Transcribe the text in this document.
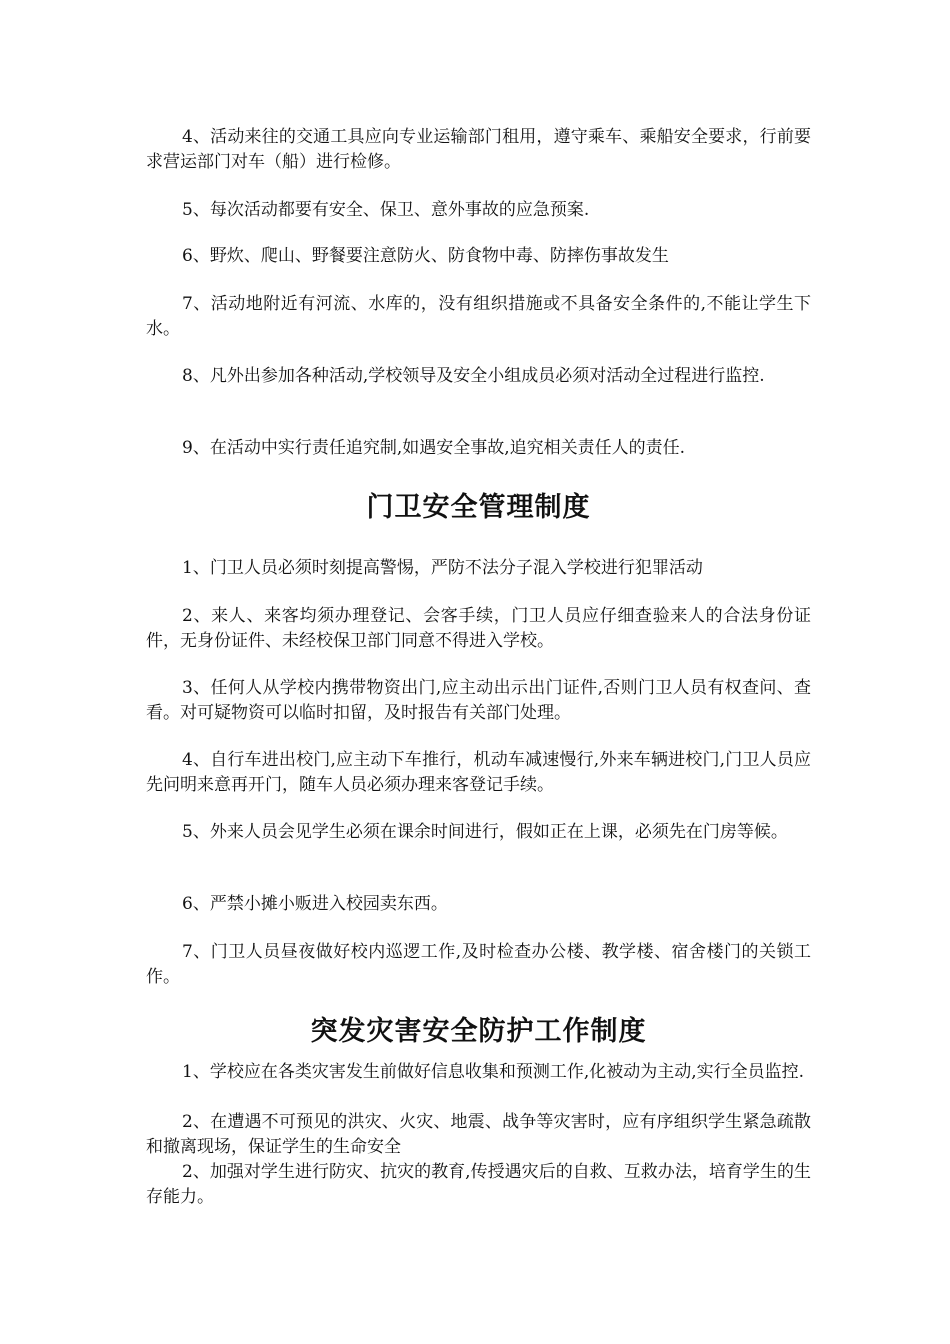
4、活动来往的交通工具应向专业运输部门租用，遵守乘车、乘船安全要求，行前要求营运部门对车（船）进行检修。

5、每次活动都要有安全、保卫、意外事故的应急预案.

6、野炊、爬山、野餐要注意防火、防食物中毒、防摔伤事故发生

7、活动地附近有河流、水库的，没有组织措施或不具备安全条件的,不能让学生下水。

8、凡外出参加各种活动,学校领导及安全小组成员必须对活动全过程进行监控.

9、在活动中实行责任追究制,如遇安全事故,追究相关责任人的责任.

门卫安全管理制度

1、门卫人员必须时刻提高警惕，严防不法分子混入学校进行犯罪活动

2、来人、来客均须办理登记、会客手续，门卫人员应仔细查验来人的合法身份证件，无身份证件、未经校保卫部门同意不得进入学校。

3、任何人从学校内携带物资出门,应主动出示出门证件,否则门卫人员有权查问、查看。对可疑物资可以临时扣留，及时报告有关部门处理。

4、自行车进出校门,应主动下车推行，机动车减速慢行,外来车辆进校门,门卫人员应先问明来意再开门，随车人员必须办理来客登记手续。

5、外来人员会见学生必须在课余时间进行，假如正在上课，必须先在门房等候。

6、严禁小摊小贩进入校园卖东西。

7、门卫人员昼夜做好校内巡逻工作,及时检查办公楼、教学楼、宿舍楼门的关锁工作。

突发灾害安全防护工作制度

1、学校应在各类灾害发生前做好信息收集和预测工作,化被动为主动,实行全员监控.

2、在遭遇不可预见的洪灾、火灾、地震、战争等灾害时，应有序组织学生紧急疏散和撤离现场，保证学生的生命安全

2、加强对学生进行防灾、抗灾的教育,传授遇灾后的自救、互救办法，培育学生的生存能力。
